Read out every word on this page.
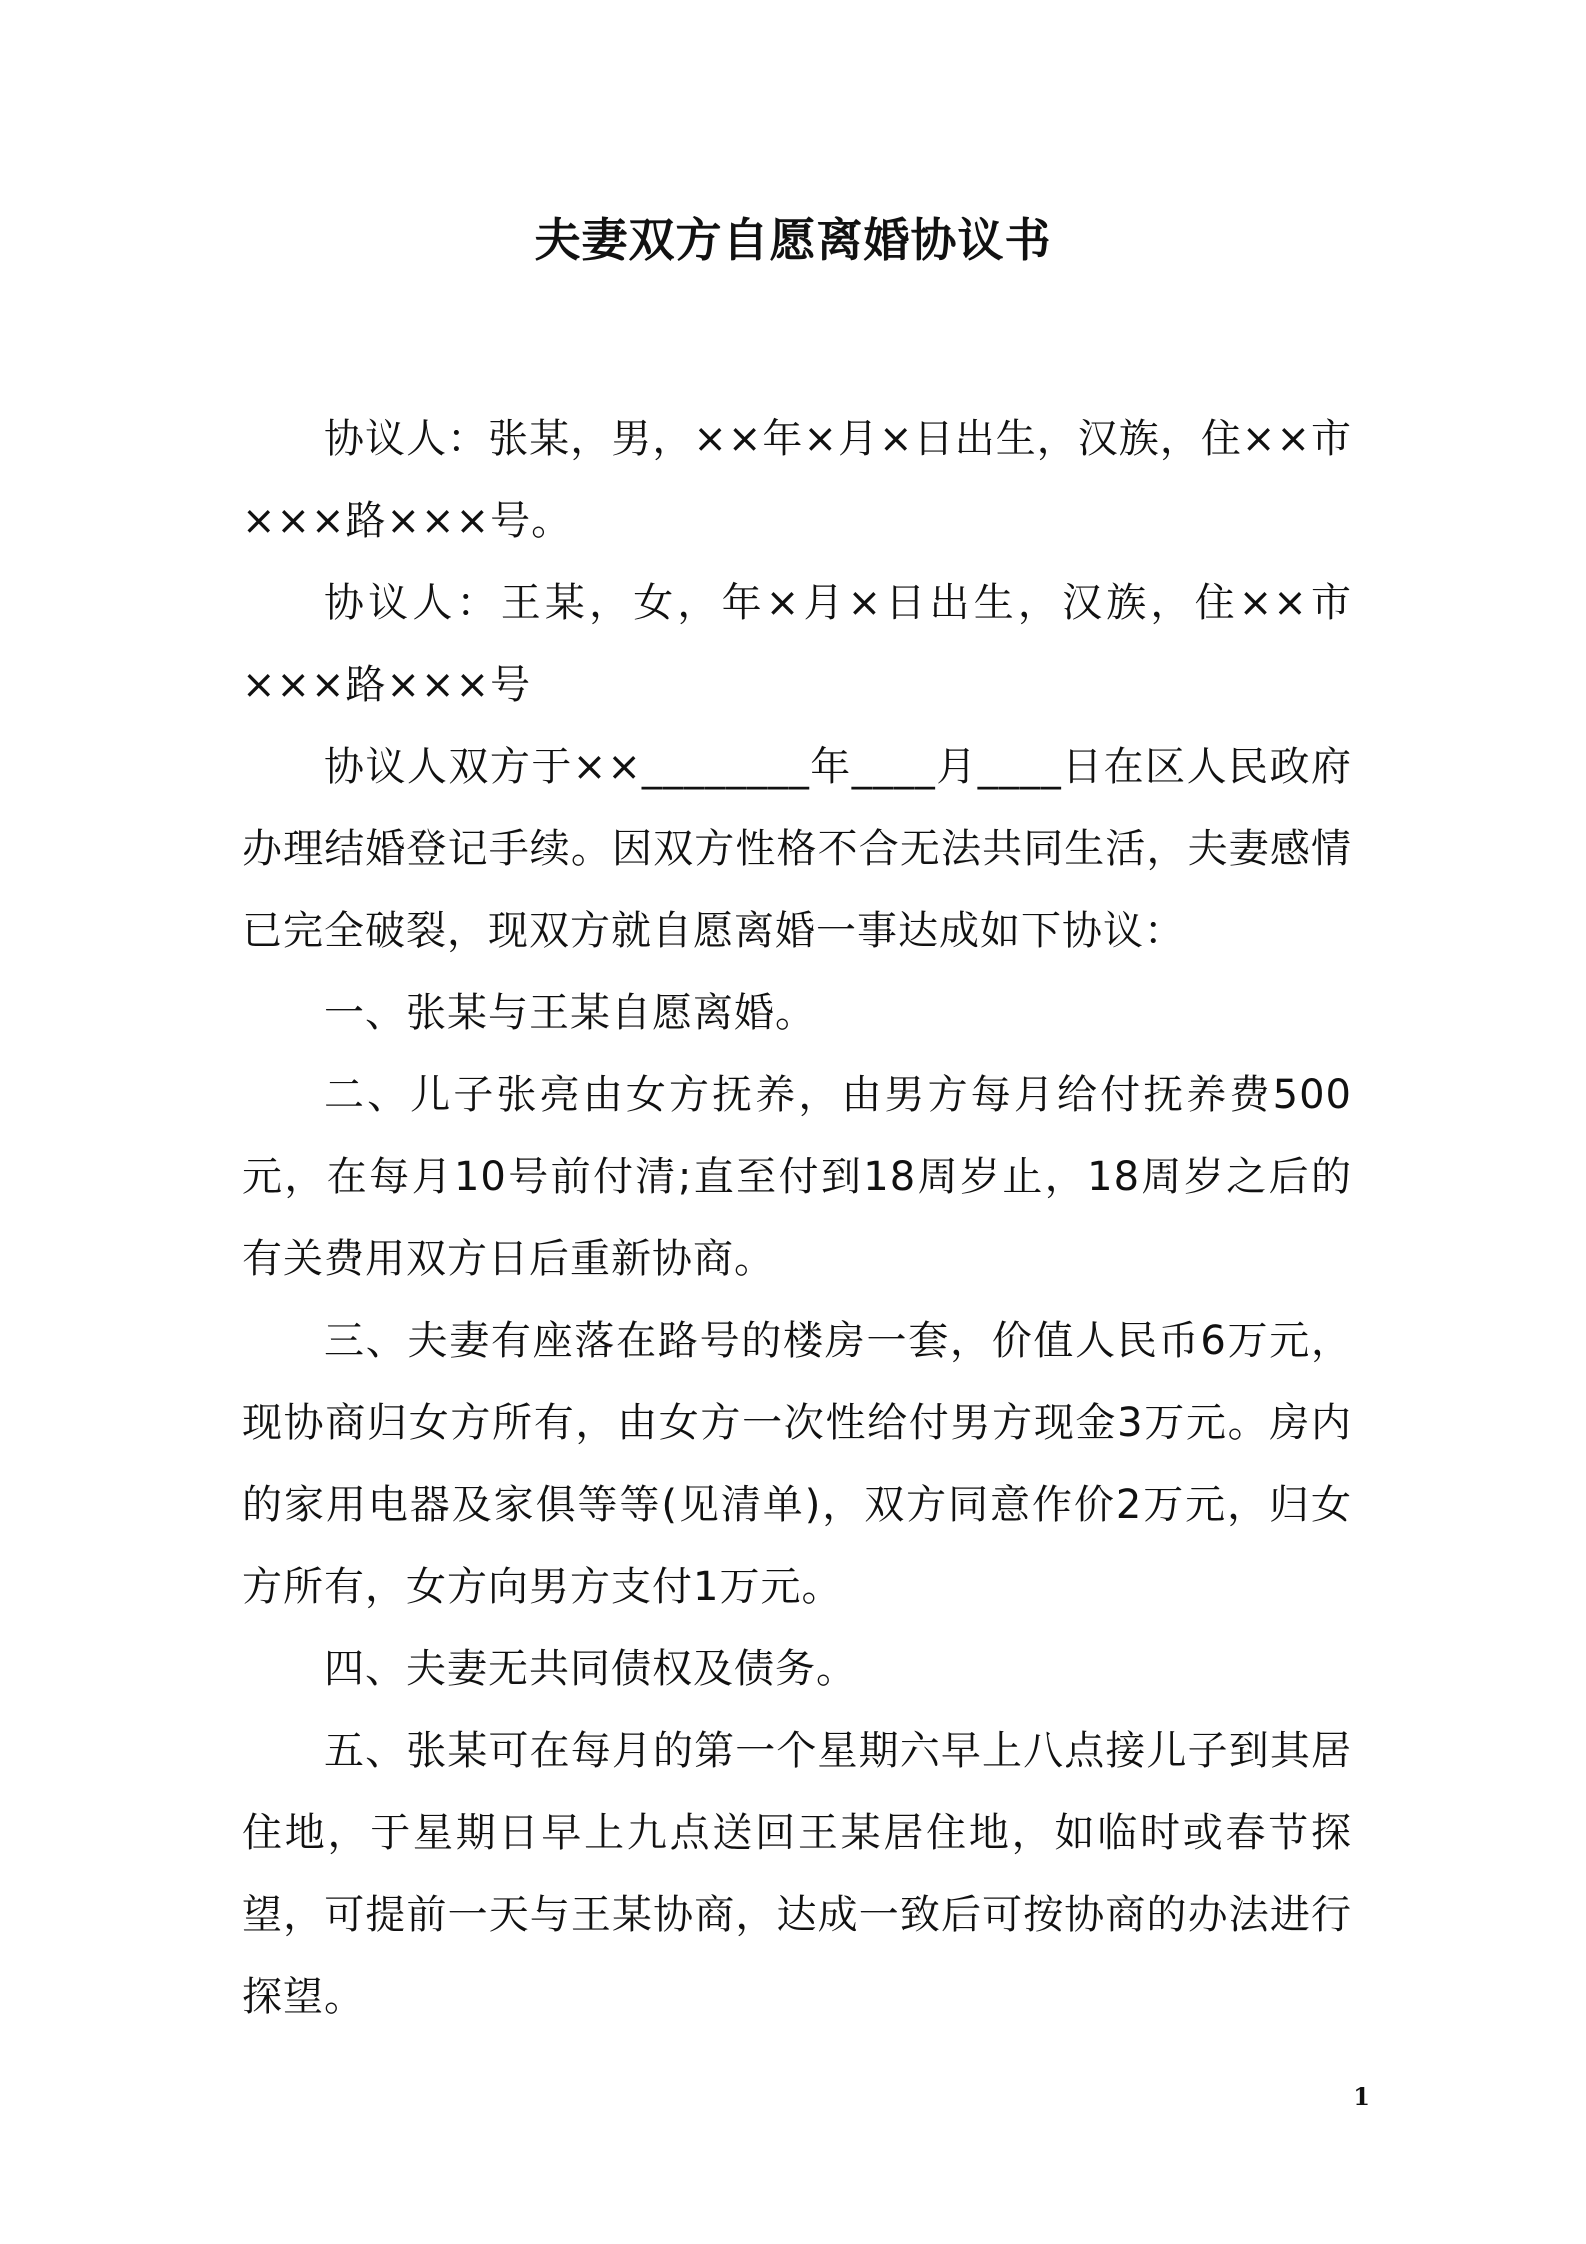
夫妻双方自愿离婚协议书

协议人：张某，男，××年×月×日出生，汉族，住××市×××路×××号。

协议人：王某，女，年×月×日出生，汉族，住××市×××路×××号

协议人双方于××________年____月____日在区人民政府办理结婚登记手续。因双方性格不合无法共同生活，夫妻感情已完全破裂，现双方就自愿离婚一事达成如下协议：

一、张某与王某自愿离婚。

二、儿子张亮由女方抚养，由男方每月给付抚养费500元，在每月10号前付清;直至付到18周岁止，18周岁之后的有关费用双方日后重新协商。

三、夫妻有座落在路号的楼房一套，价值人民币6万元，现协商归女方所有，由女方一次性给付男方现金3万元。房内的家用电器及家俱等等(见清单)，双方同意作价2万元，归女方所有，女方向男方支付1万元。

四、夫妻无共同债权及债务。

五、张某可在每月的第一个星期六早上八点接儿子到其居住地，于星期日早上九点送回王某居住地，如临时或春节探望，可提前一天与王某协商，达成一致后可按协商的办法进行探望。

1
